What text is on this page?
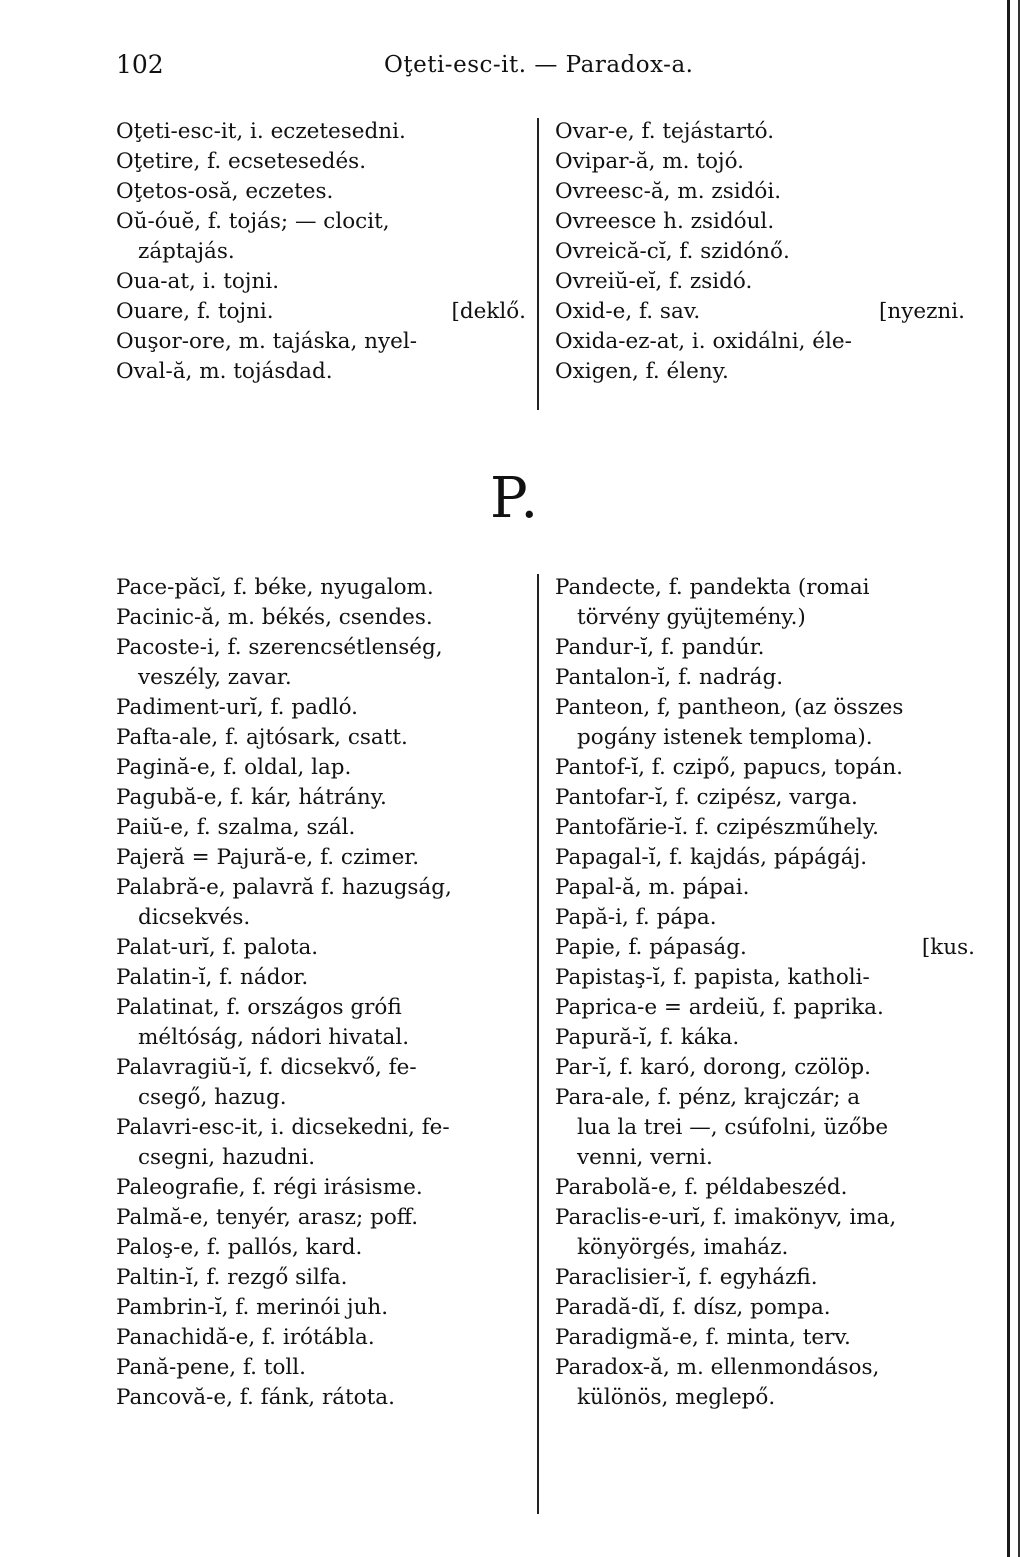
102	Oţeti-esc-it. — Paradox-a.
Oţeti-esc-it, i. eczetesedni.
Oţetire, f. ecsetesedés.
Oţetos-osă, eczetes.
Oŭ-óuĕ, f. tojás; — clocit,
záptajás.
Oua-at, i. tojni.
Ouare, f. tojni.	[deklő.
Ouşor-ore, m. tajáska, nyel-
Oval-ă, m. tojásdad.
Ovar-e, f. tejástartó.
Ovipar-ă, m. tojó.
Ovreesc-ă, m. zsidói.
Ovreesce h. zsidóul.
Ovreică-cĭ, f. szidónő.
Ovreiŭ-eĭ, f. zsidó.
Oxid-e, f. sav.	[nyezni.
Oxida-ez-at, i. oxidálni, éle-
Oxigen, f. éleny.
P.
Pace-păcĭ, f. béke, nyugalom.
Pacinic-ă, m. békés, csendes.
Pacoste-i, f. szerencsétlenség,
veszély, zavar.
Padiment-urĭ, f. padló.
Pafta-ale, f. ajtósark, csatt.
Pagină-e, f. oldal, lap.
Pagubă-e, f. kár, hátrány.
Paiŭ-e, f. szalma, szál.
Pajeră = Pajură-e, f. czimer.
Palabră-e, palavră f. hazugság,
dicsekvés.
Palat-urĭ, f. palota.
Palatin-ĭ, f. nádor.
Palatinat, f. országos grófi
méltóság, nádori hivatal.
Palavragiŭ-ĭ, f. dicsekvő, fe-
csegő, hazug.
Palavri-esc-it, i. dicsekedni, fe-
csegni, hazudni.
Paleografie, f. régi irásisme.
Palmă-e, tenyér, arasz; poff.
Paloş-e, f. pallós, kard.
Paltin-ĭ, f. rezgő silfa.
Pambrin-ĭ, f. merinói juh.
Panachidă-e, f. irótábla.
Pană-pene, f. toll.
Pancovă-e, f. fánk, rátota.
Pandecte, f. pandekta (romai
törvény gyüjtemény.)
Pandur-ĭ, f. pandúr.
Pantalon-ĭ, f. nadrág.
Panteon, f, pantheon, (az összes
pogány istenek temploma).
Pantof-ĭ, f. czipő, papucs, topán.
Pantofar-ĭ, f. czipész, varga.
Pantofărie-ĭ. f. czipészműhely.
Papagal-ĭ, f. kajdás, pápágáj.
Papal-ă, m. pápai.
Papă-i, f. pápa.
Papie, f. pápaság.	[kus.
Papistaş-ĭ, f. papista, katholi-
Paprica-e = ardeiŭ, f. paprika.
Papură-ĭ, f. káka.
Par-ĭ, f. karó, dorong, czölöp.
Para-ale, f. pénz, krajczár; a
lua la trei —, csúfolni, üzőbe
venni, verni.
Parabolă-e, f. példabeszéd.
Paraclis-e-urĭ, f. imakönyv, ima,
könyörgés, imaház.
Paraclisier-ĭ, f. egyházfi.
Paradă-dĭ, f. dísz, pompa.
Paradigmă-e, f. minta, terv.
Paradox-ă, m. ellenmondásos,
különös, meglepő.
